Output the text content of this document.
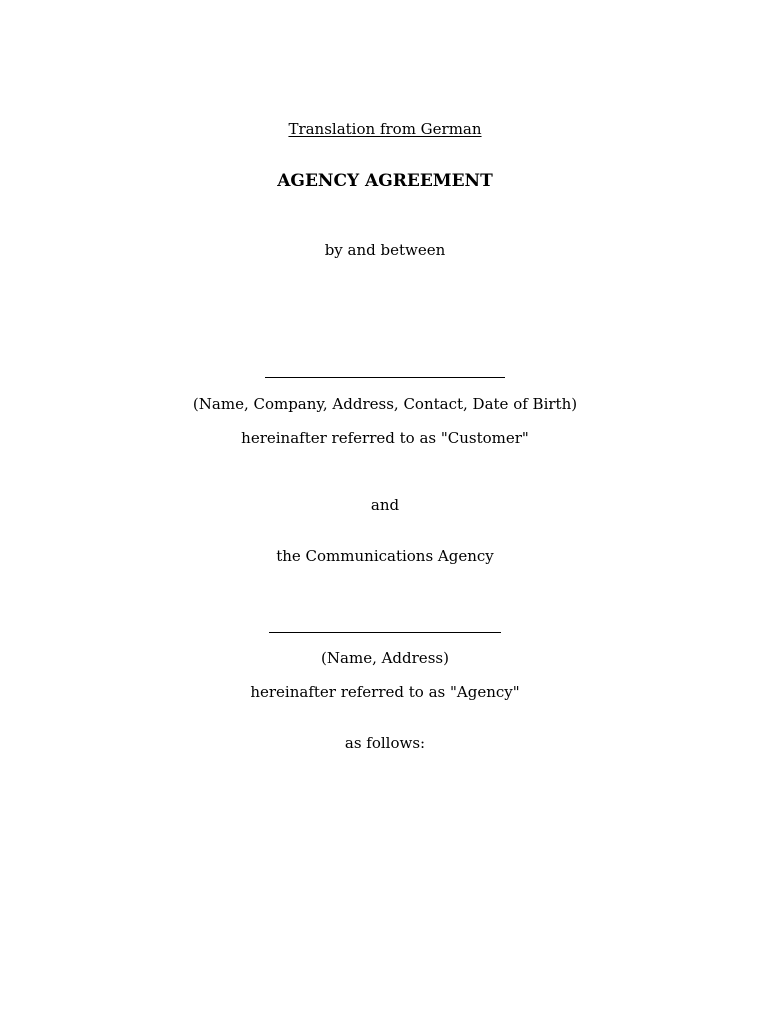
Translation from German
AGENCY AGREEMENT
by and between
(Name, Company, Address, Contact, Date of Birth)
hereinafter referred to as "Customer"
and
the Communications Agency
(Name, Address)
hereinafter referred to as "Agency"
as follows:
